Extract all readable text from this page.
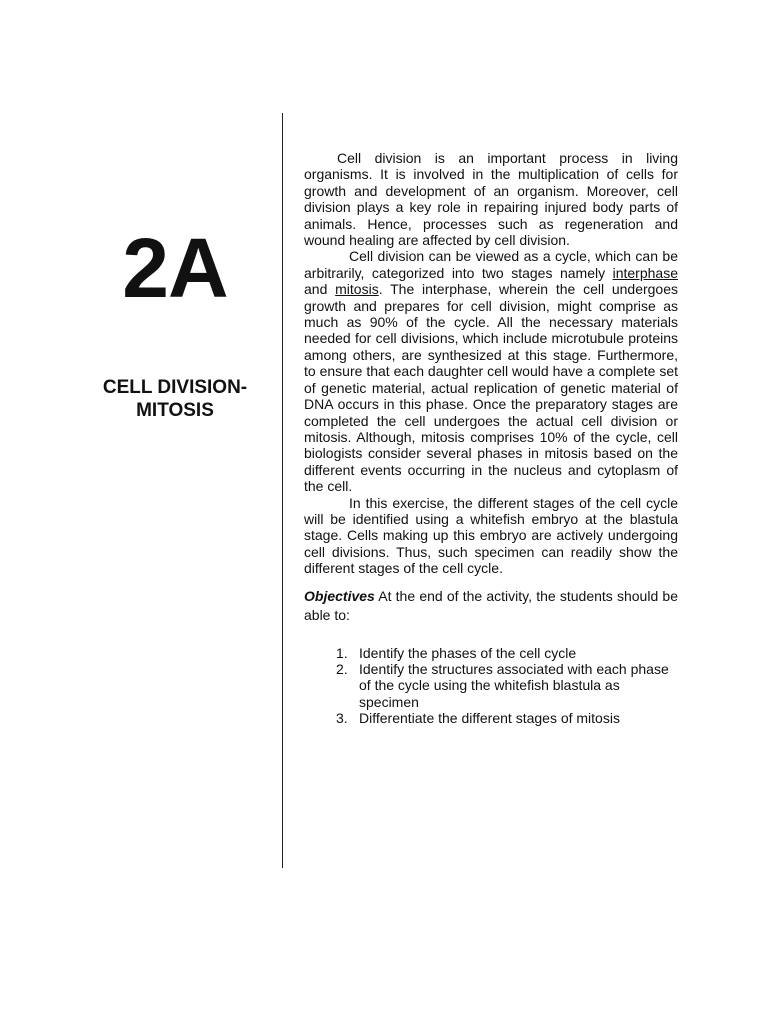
2A
CELL DIVISION-
MITOSIS

Cell division is an important process in living organisms. It is involved in the multiplication of cells for growth and development of an organism. Moreover, cell division plays a key role in repairing injured body parts of animals. Hence, processes such as regeneration and wound healing are affected by cell division.

Cell division can be viewed as a cycle, which can be arbitrarily, categorized into two stages namely interphase and mitosis. The interphase, wherein the cell undergoes growth and prepares for cell division, might comprise as much as 90% of the cycle. All the necessary materials needed for cell divisions, which include microtubule proteins among others, are synthesized at this stage. Furthermore, to ensure that each daughter cell would have a complete set of genetic material, actual replication of genetic material of DNA occurs in this phase. Once the preparatory stages are completed the cell undergoes the actual cell division or mitosis. Although, mitosis comprises 10% of the cycle, cell biologists consider several phases in mitosis based on the different events occurring in the nucleus and cytoplasm of the cell.

In this exercise, the different stages of the cell cycle will be identified using a whitefish embryo at the blastula stage. Cells making up this embryo are actively undergoing cell divisions. Thus, such specimen can readily show the different stages of the cell cycle.

Objectives At the end of the activity, the students should be able to:

1. Identify the phases of the cell cycle
2. Identify the structures associated with each phase of the cycle using the whitefish blastula as specimen
3. Differentiate the different stages of mitosis
